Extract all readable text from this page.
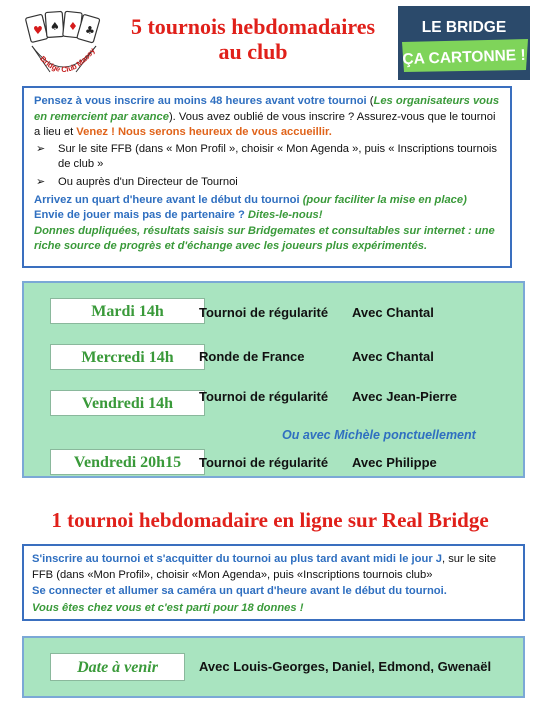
♥ ♠ ♦ ♣
Bridge Club Massy
5 tournois hebdomadaires
au club
LE BRIDGE
ÇA CARTONNE !

Pensez à vous inscrire au moins 48 heures avant votre tournoi (Les organisateurs vous en remercient par avance). Vous avez oublié de vous inscrire ? Assurez-vous que le tournoi a lieu et Venez ! Nous serons heureux de vous accueillir.

➢	Sur le site FFB (dans « Mon Profil », choisir « Mon Agenda », puis « Inscriptions tournois de club »
➢	Ou auprès d'un Directeur de Tournoi

Arrivez un quart d'heure avant le début du tournoi (pour faciliter la mise en place)

Envie de jouer mais pas de partenaire ? Dites-le-nous!

Donnes dupliquées, résultats saisis sur Bridgemates et consultables sur internet : une riche source de progrès et d'échange avec les joueurs plus expérimentés.

Mardi 14h	Tournoi de régularité Avec Chantal
Mercredi 14h	Ronde de France	Avec Chantal
Vendredi 14h	Tournoi de régularité Avec Jean-Pierre
Ou avec Michèle ponctuellement
Vendredi 20h15	Tournoi de régularité Avec Philippe
1 tournoi hebdomadaire en ligne sur Real Bridge

S'inscrire au tournoi et s'acquitter du tournoi au plus tard avant midi le jour J, sur le site FFB (dans «Mon Profil», choisir «Mon Agenda», puis «Inscriptions tournois club»

Se connecter et allumer sa caméra un quart d'heure avant le début du tournoi.

Vous êtes chez vous et c'est parti pour 18 donnes !

Date à venir	Avec Louis-Georges, Daniel, Edmond, Gwenaël
